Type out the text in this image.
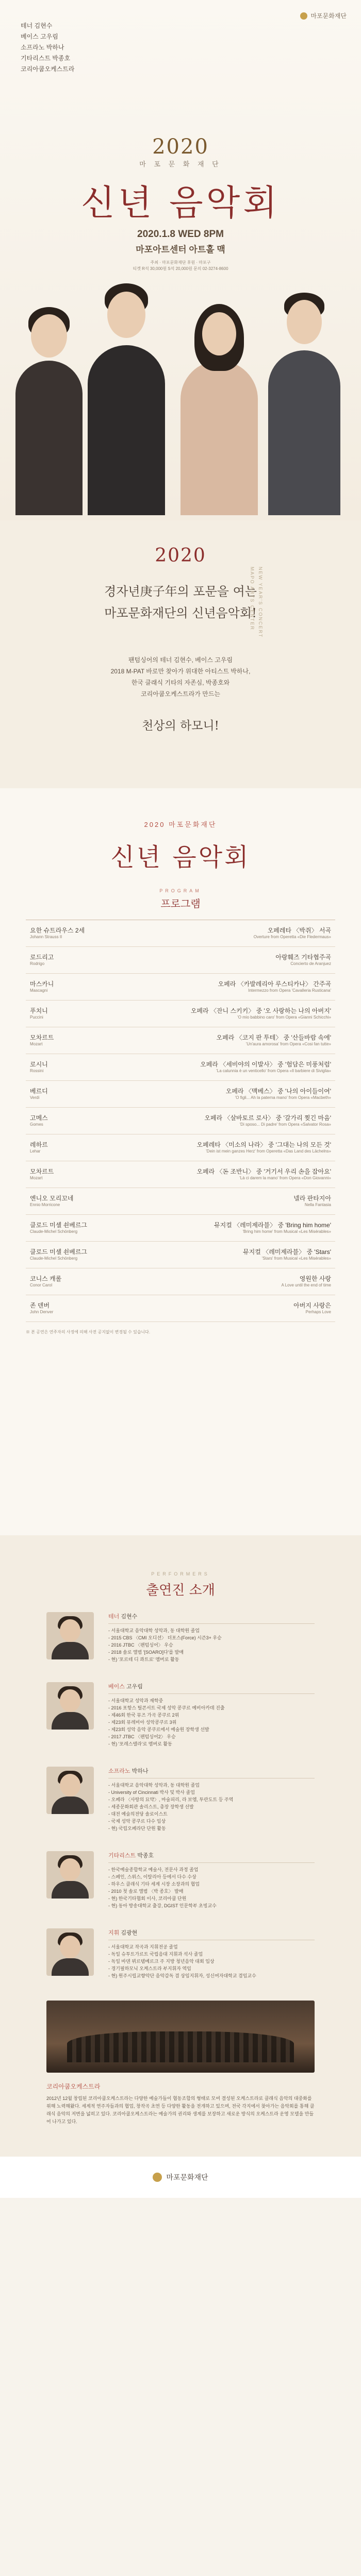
마포문화재단
테너 김현수
베이스 고우림
소프라노 박하나
기타리스트 박종호
코리아쿱오케스트라
2020
마 포 문 화 재 단
신년 음악회
2020.1.8 WED 8PM
마포아트센터 아트홀 맥
주최 · 마포문화재단 후원 · 마포구
티켓 R석 30,000원 S석 20,000원 문의 02-3274-8600
2020
경자년庚子年의 포문을 여는
마포문화재단의 신년음악회!
팬텀싱어의 테너 김현수, 베이스 고우림
2018 M-PAT 바로만 찾아가 위대한 아티스트 박하나,
한국 클래식 기타의 자존심, 박종호와
코리아쿱오케스트라가 만드는
천상의 하모니!
NEW YEAR'S CONCERT
MAPO ARTS CENTER
2020 마포문화재단
신년 음악회
PROGRAM
프로그램
요한 슈트라우스 2세
Johann Strauss II
오페레타 〈박쥐〉 서곡
Overture from Operetta «Die Fledermaus»
로드리고
Rodrigo
아랑훼즈 기타협주곡
Concierto de Aranjuez
마스카니
Mascagni
오페라 〈카발레리아 루스티카나〉 간주곡
Intermezzo from Opera 'Cavalleria Rusticana'
푸치니
Puccini
오페라 〈잔니 스키키〉 중 '오 사랑하는 나의 아버지'
'O mio babbino caro' from Opera «Gianni Schicchi»
모차르트
Mozart
오페라 〈코지 판 투테〉 중 '산들바람 속에'
'Un'aura amorosa' from Opera «Cosi fan tutte»
로시니
Rossini
오페라 〈세비야의 이발사〉 중 '험담은 미풍처럼'
'La calunnia è un venticello' from Opera «Il barbiere di Siviglia»
베르디
Verdi
오페라 〈맥베스〉 중 '나의 아이들이여'
'O figli... Ah la paterna mano' from Opera «Macbeth»
고메스
Gomes
오페라 〈살바토르 로사〉 중 '갈가리 찢긴 마음'
'Di sposo... Di padre' from Opera «Salvator Rosa»
레하르
Lehar
오페레타 〈미소의 나라〉 중 '그대는 나의 모든 것'
'Dein ist mein ganzes Herz' from Operetta «Das Land des Lächelns»
모차르트
Mozart
오페라 〈돈 조반니〉 중 '거기서 우리 손을 잡아요'
'Là ci darem la mano' from Opera «Don Giovanni»
엔니오 모리꼬네
Ennio Morricone
넬라 판타지아
Nella Fantasia
클로드 미셸 쇤베르그
Claude-Michel Schönberg
뮤지컬 〈레미제라블〉 중 'Bring him home'
'Bring him home' from Musical «Les Misérables»
클로드 미셸 쇤베르그
Claude-Michel Schönberg
뮤지컬 〈레미제라블〉 중 'Stars'
'Stars' from Musical «Les Misérables»
코니스 캐롤
Conor Carol
영원한 사랑
A Love until the end of time
존 덴버
John Denver
아버지 사랑은
Perhaps Love
※ 본 공연은 연주자의 사정에 의해 사전 공지없이 변경될 수 있습니다.
PERFORMERS
출연진 소개
테너 김현수
- 서울대학교 음악대학 성악과, 동 대학원 졸업
- 2015 CBS 〈CMI 오디션〉 더포스(Force) 시즌3+ 우승
- 2016 JTBC 〈팬텀싱어〉 우승
- 2018 솔로 앨범 '[SOARO]다'를 발매
- 현) '포르테 디 콰트로' 멤버로 활동
베이스 고우림
- 서울대학교 성악과 재학중
- 2016 포항스 틸콘서트 국제 성악 콩쿠르 예비아카데 진출
- 제46회 한국 뮤즈 가곡 콩쿠르 2위
- 제23회 뮤레비아 성악콩쿠르 3위
- 제23회 성악 음악 콩쿠르에서 예술원 장학생 선발
- 2017 JTBC 〈팬텀싱어2〉 우승
- 현) '포레스텔라'로 멤버로 활동
소프라노 박하나
- 서울대학교 음악대학 성악과, 동 대학원 졸업
- University of Cincinnati 박사 및 박사 졸업
- 오페라 〈사랑의 묘약〉, 마술피리, 라 보엠, 투란도트 등 주역
- 세종문화회관 솔리스트, 총장 장학생 선발
- 대전 예술의전당 솔로이스트
- 국제 성악 콩쿠르 다수 입상
- 현) 국립오페라단 단원 활동
기타리스트 박종호
- 한국예술종합학교 예술사, 전문사 과정 졸업
- 스페인, 스위스, 이탈리아 등에서 다수 수상
- 하우스 클래식 기타 세계 시장 소장과의 협업
- 2010 첫 솔로 앨범 〈박 종호〉 발매
- 현) 한국기타협회 이사, 코리아쿱 단원
- 현) 동아 방송대학교 출강, DGIST 인문학부 초빙교수
지휘 김광현
- 서울대학교 작곡과 지휘전공 졸업
- 독일 슈투트가르트 국립음대 지휘과 석사 졸업
- 독일 바덴 뷔르템베르크 주 지방 청년음악 대회 입상
- 경기필하모닉 오케스트라 부지휘자 역임
- 현) 원주시립교향악단 음악감독 겸 상임지휘자, 성신여자대학교 겸임교수
코리아쿱오케스트라
2012년 12월 창립된 코리아쿱오케스트라는 다양한 예술가들이 협동조합의 형태로 모여 결성된 오케스트라로 클래식 음악의 대중화를 위해 노력해왔다. 세계적 연주자들과의 협업, 창작곡 초연 등 다양한 활동을 전개하고 있으며, 전국 각지에서 찾아가는 음악회를 통해 클래식 음악의 저변을 넓히고 있다. 코리아쿱오케스트라는 예술가의 권리와 생계를 보장하고 새로운 방식의 오케스트라 운영 모델을 만들어 나가고 있다.
마포문화재단
